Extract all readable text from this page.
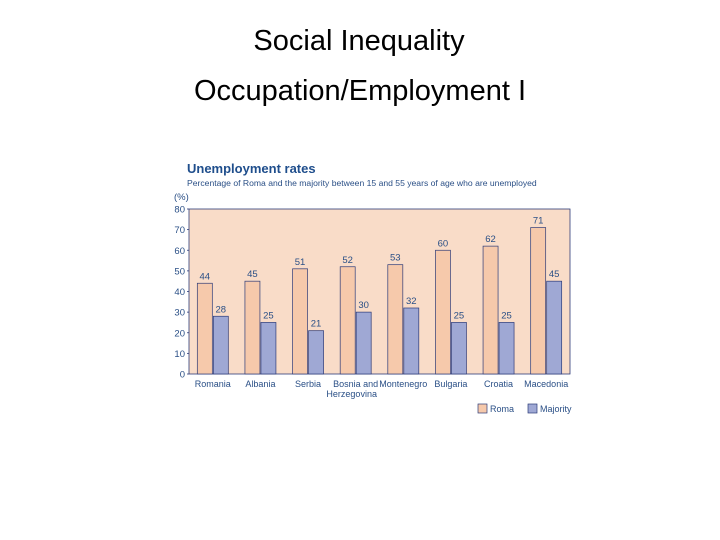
Social Inequality
Occupation/Employment I
Unemployment rates
Percentage of Roma and the majority between 15 and 55 years of age who are unemployed
(%)
0
10
20
30
40
50
60
70
80
44
28
45
25
51
21
52
30
53
32
60
25
62
25
71
45
Romania Albania Serbia Bosnia and
Herzegovina
Montenegro Bulgaria Croatia Macedonia
Roma	Majority
